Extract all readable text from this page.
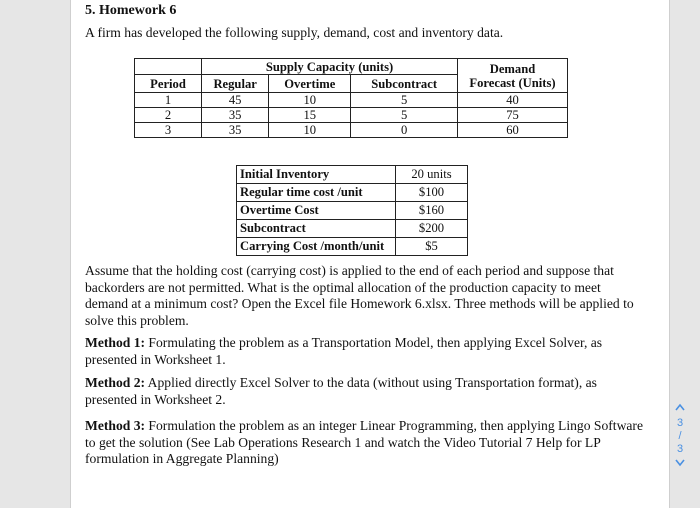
5. Homework 6
A firm has developed the following supply, demand, cost and inventory data.
	Supply Capacity (units)			Demand
Forecast (Units)
Period	Regular	Overtime	Subcontract	
1	45	10	5	40
2	35	15	5	75
3	35	10	0	60
Initial Inventory	20 units
Regular time cost /unit	$100
Overtime Cost	$160
Subcontract	$200
Carrying Cost /month/unit	$5
Assume that the holding cost (carrying cost) is applied to the end of each period and suppose that backorders are not permitted. What is the optimal allocation of the production capacity to meet demand at a minimum cost? Open the Excel file Homework 6.xlsx. Three methods will be applied to solve this problem.
Method 1: Formulating the problem as a Transportation Model, then applying Excel Solver, as presented in Worksheet 1.
Method 2: Applied directly Excel Solver to the data (without using Transportation format), as presented in Worksheet 2.
Method 3: Formulation the problem as an integer Linear Programming, then applying Lingo Software to get the solution (See Lab Operations Research 1 and watch the Video Tutorial 7 Help for LP formulation in Aggregate Planning)
3
/
3
